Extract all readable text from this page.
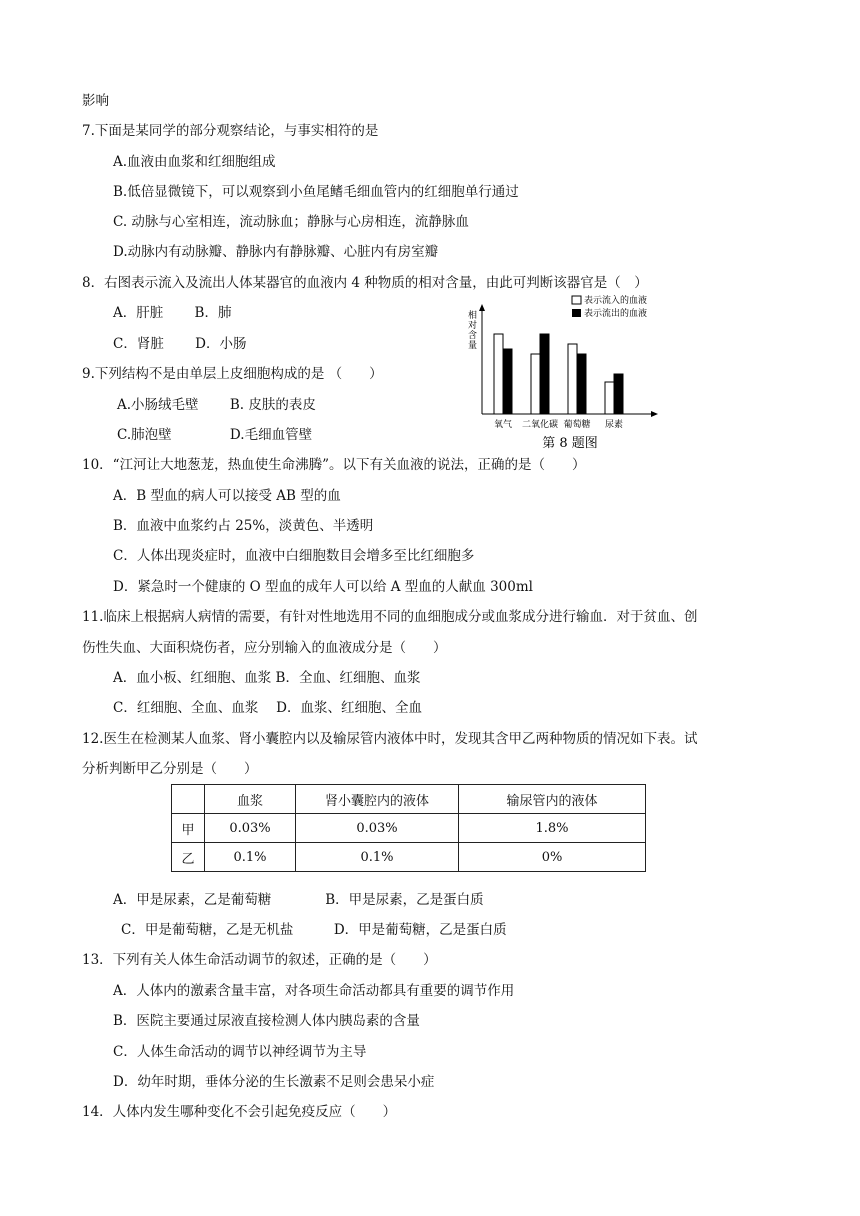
影响
7.下面是某同学的部分观察结论，与事实相符的是
A.血液由血浆和红细胞组成
B.低倍显微镜下，可以观察到小鱼尾鳍毛细血管内的红细胞单行通过
C. 动脉与心室相连，流动脉血；静脉与心房相连，流静脉血
D.动脉内有动脉瓣、静脉内有静脉瓣、心脏内有房室瓣
8．右图表示流入及流出人体某器官的血液内 4 种物质的相对含量，由此可判断该器官是（　）
A．肝脏　　 B．肺
C．肾脏　　 D．小肠
9.下列结构不是由单层上皮细胞构成的是 （　　）
A.小肠绒毛壁　　 B. 皮肤的表皮
C.肺泡壁　　　　 D.毛细血管壁
10．“江河让大地葱茏，热血使生命沸腾”。以下有关血液的说法，正确的是（　　）
A．B 型血的病人可以接受 AB 型的血
B．血液中血浆约占 25%，淡黄色、半透明
C．人体出现炎症时，血液中白细胞数目会增多至比红细胞多
D．紧急时一个健康的 O 型血的成年人可以给 A 型血的人献血 300ml
11.临床上根据病人病情的需要，有针对性地选用不同的血细胞成分或血浆成分进行输血．对于贫血、创
伤性失血、大面积烧伤者，应分别输入的血液成分是（　　）
A．血小板、红细胞、血浆 B．全血、红细胞、血浆
C．红细胞、全血、血浆　 D．血浆、红细胞、全血
12.医生在检测某人血浆、肾小囊腔内以及输尿管内液体中时，发现其含甲乙两种物质的情况如下表。试
分析判断甲乙分别是（　　）
	血浆	肾小囊腔内的液体	输尿管内的液体
甲	0.03%	0.03%	1.8%
乙	0.1%	0.1%	0%
A．甲是尿素，乙是葡萄糖　　　　B．甲是尿素，乙是蛋白质
C．甲是葡萄糖，乙是无机盐　　　D．甲是葡萄糖，乙是蛋白质
13．下列有关人体生命活动调节的叙述，正确的是（　　）
A．人体内的激素含量丰富，对各项生命活动都具有重要的调节作用
B．医院主要通过尿液直接检测人体内胰岛素的含量
C．人体生命活动的调节以神经调节为主导
D．幼年时期，垂体分泌的生长激素不足则会患呆小症
14．人体内发生哪种变化不会引起免疫反应（　　）
表示流入的血液
表示流出的血液
相对含量
氧气 二氧化碳 葡萄糖 尿素
第 8 题图
